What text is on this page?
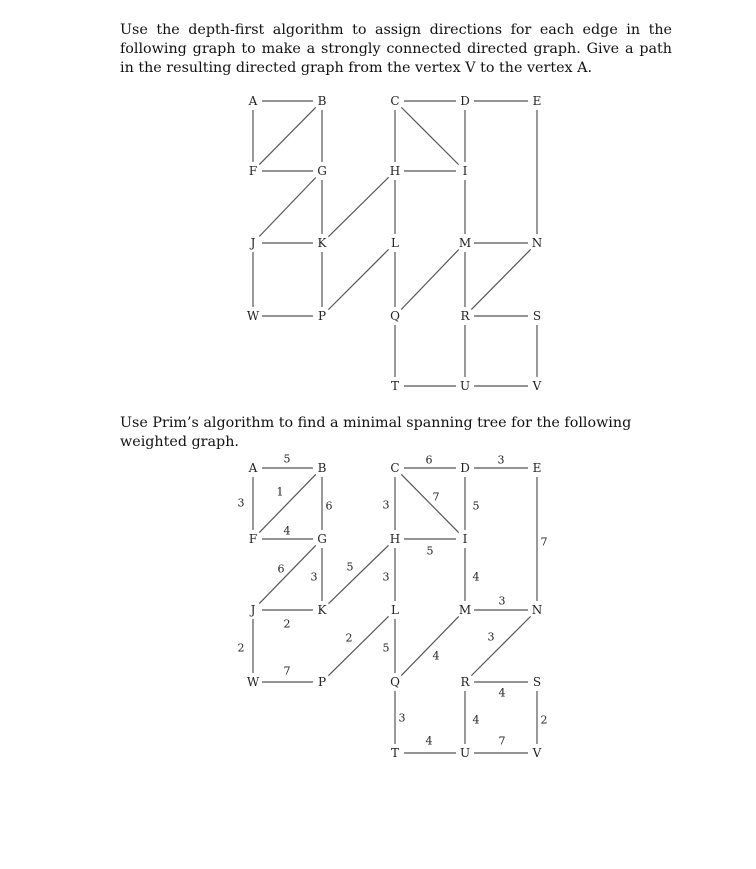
Use the depth-first algorithm to assign directions for each edge in the following graph to make a strongly connected directed graph. Give a path in the resulting directed graph from the vertex V to the vertex A.

A	B	C	D	E
F	G	H	I
J	K	L	M	N
W	P	Q	R	S
T	U	V

Use Prim’s algorithm to find a minimal spanning tree for the following weighted graph.

5	6	3
3
1
6	3
7
5
7
4
5
6
3
5
3	4
2
3
2
2
5
4
3
7
4
3	4	2
4	7
A	B	C	D	E
F	G	H	I
J	K	L	M	N
W	P	Q	R	S
T	U	V
